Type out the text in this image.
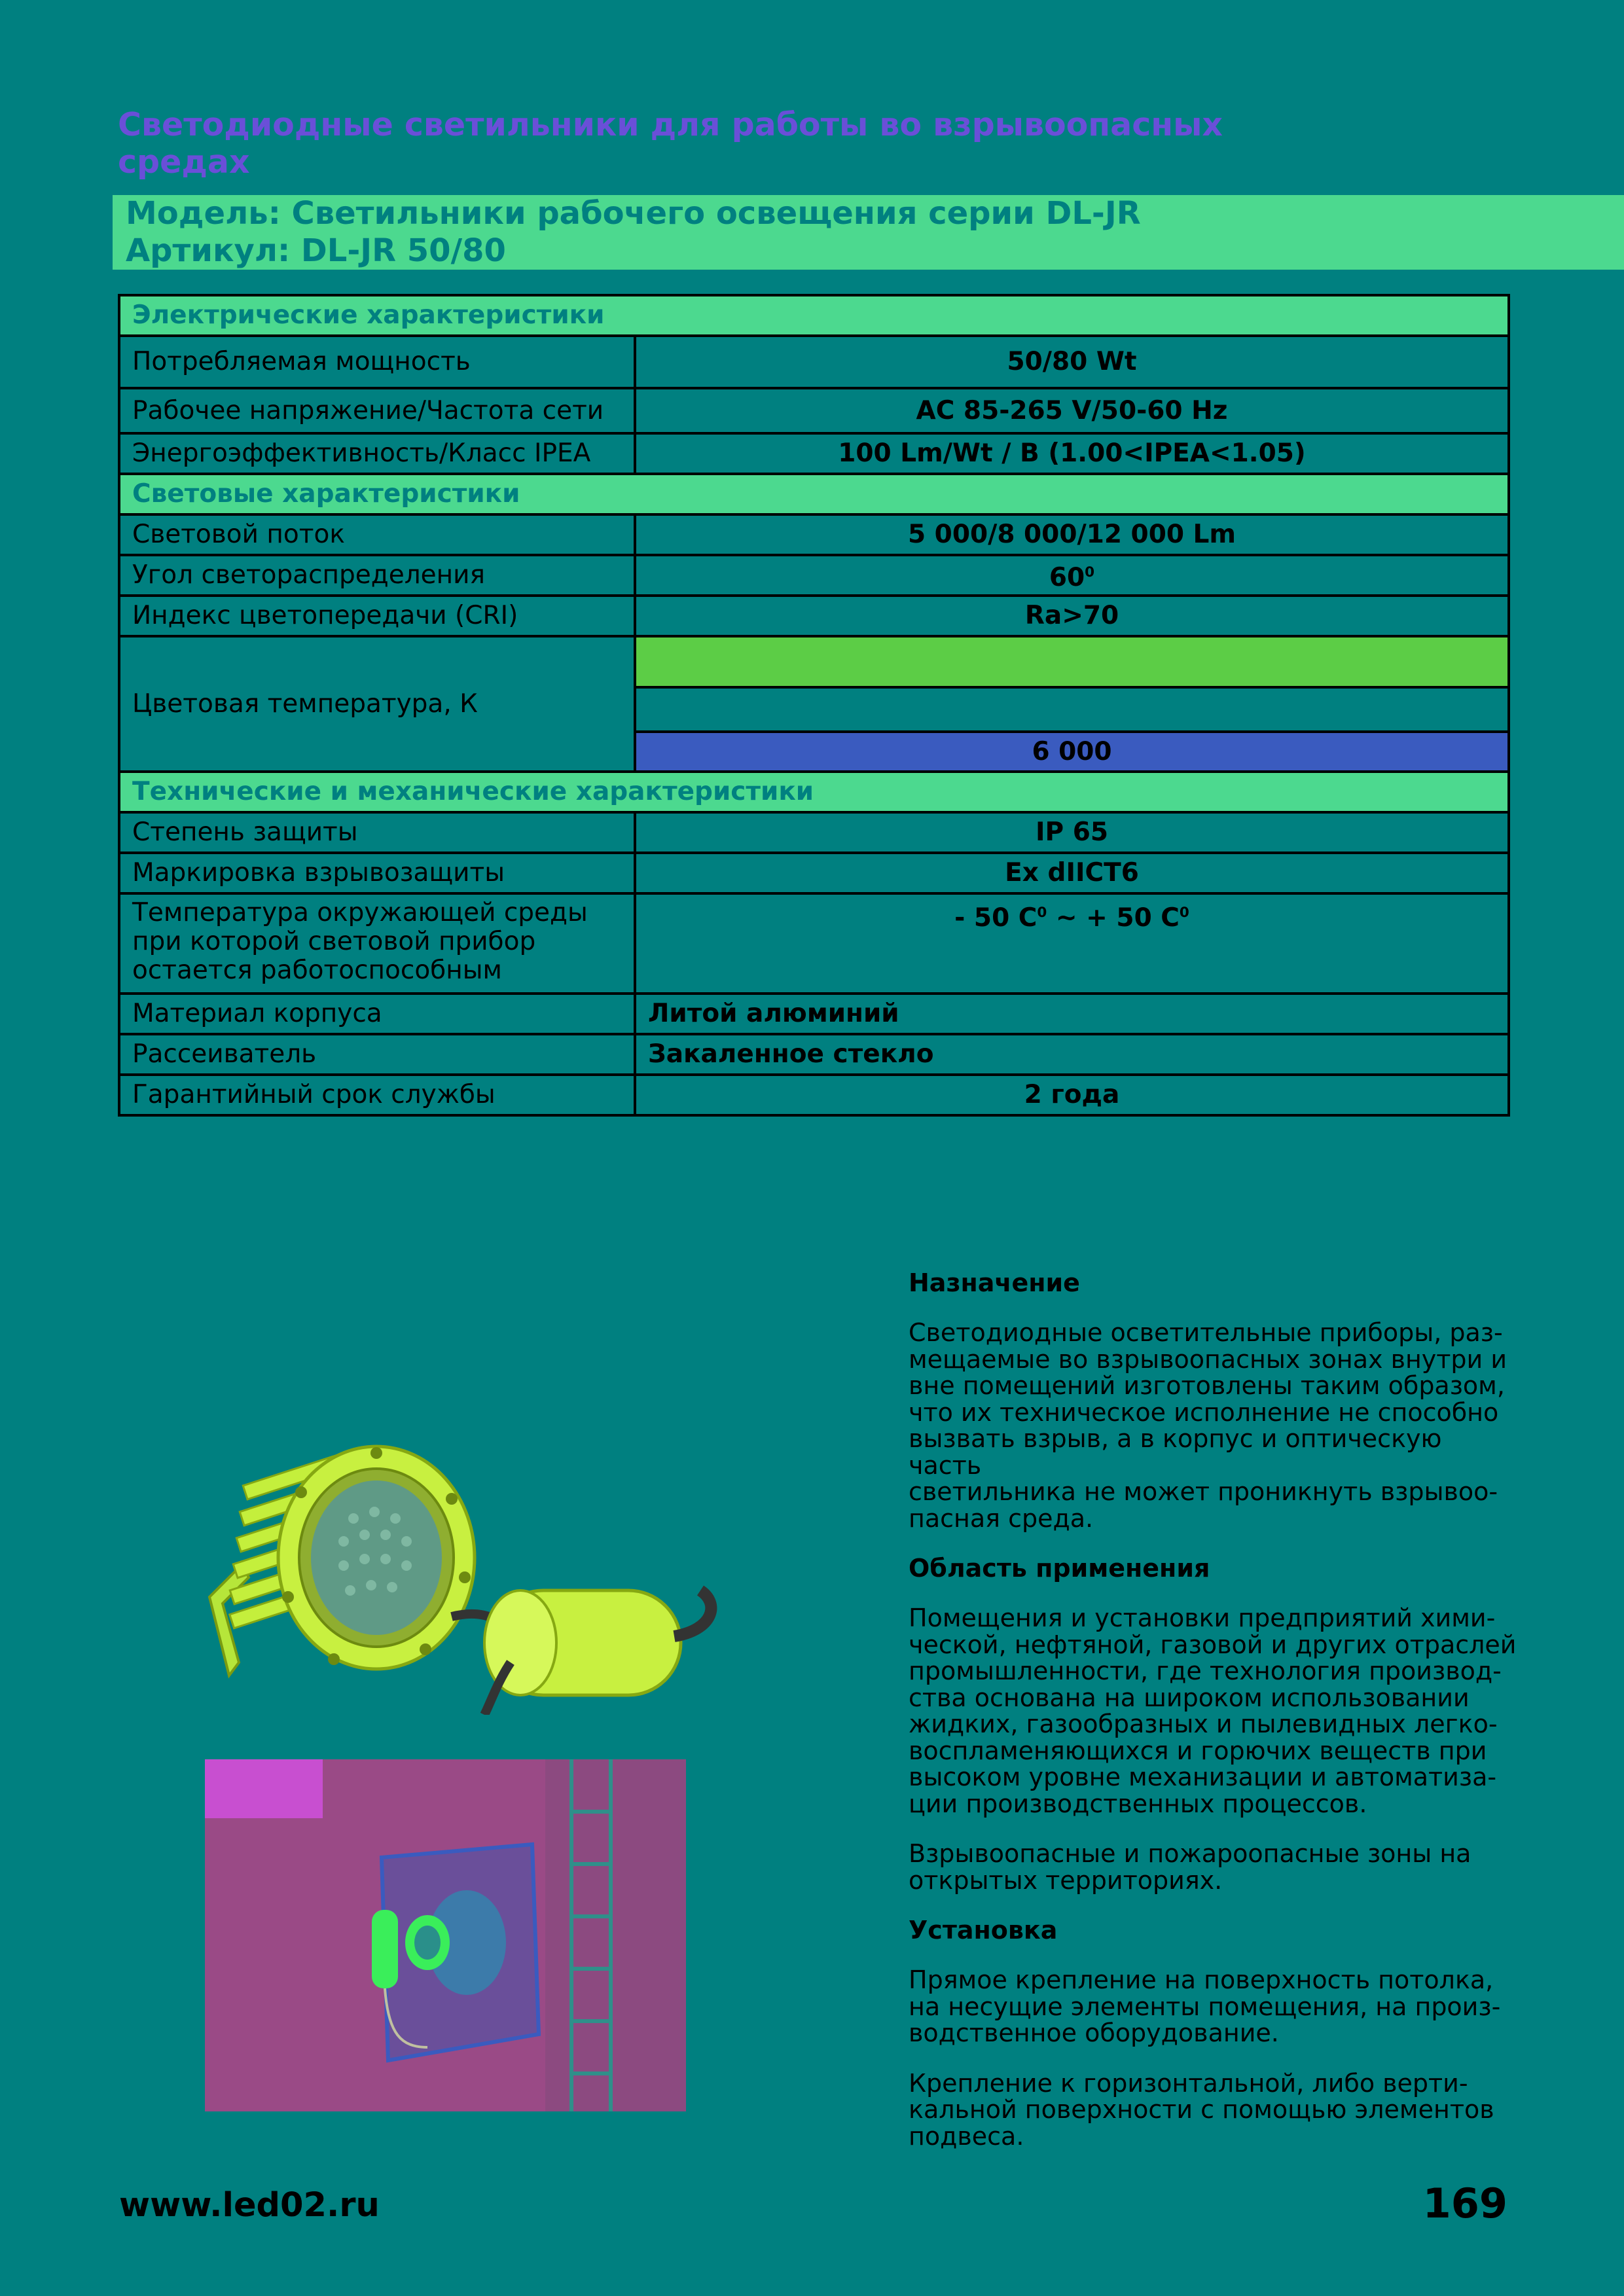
Светодиодные светильники для работы во взрывоопасных средах
Модель: Светильники рабочего освещения серии DL-JR
Артикул: DL-JR 50/80
Электрические характеристики	
Потребляемая мощность	50/80 Wt
Рабочее напряжение/Частота сети	AC 85-265 V/50-60 Hz
Энергоэффективность/Класс IPEA	100 Lm/Wt / B (1.00<IPEA<1.05)
Световые характеристики	
Световой поток	5 000/8 000/12 000 Lm
Угол светораспределения	$60^0$
Индекс цветопередачи (CRI)	Ra>70
Цветовая температура, К	

	6 000
Технические и механические характеристики	
Степень защиты	IP 65
Маркировка взрывозащиты	Ex dIICT6
Температура окружающей среды при которой световой прибор остается работоспособным	- 50 $C^0$ ~ + 50 $C^0$
Материал корпуса	Литой алюминий
Рассеиватель	Закаленное стекло
Гарантийный срок службы	2 года
Назначение

Светодиодные осветительные приборы, раз-
мещаемые во взрывоопасных зонах внутри и
вне помещений изготовлены таким образом,
что их техническое исполнение не способно
вызвать взрыв, а в корпус и оптическую часть
светильника не может проникнуть взрывоо-
пасная среда.

Область применения

Помещения и установки предприятий хими-
ческой, нефтяной, газовой и других отраслей
промышленности, где технология производ-
ства основана на широком использовании
жидких, газообразных и пылевидных легко-
воспламеняющихся и горючих веществ при
высоком уровне механизации и автоматиза-
ции производственных процессов.

Взрывоопасные и пожароопасные зоны на
открытых территориях.

Установка

Прямое крепление на поверхность потолка,
на несущие элементы помещения, на произ-
водственное оборудование.

Крепление к горизонтальной, либо верти-
кальной поверхности с помощью элементов
подвеса.

www.led02.ru	169
